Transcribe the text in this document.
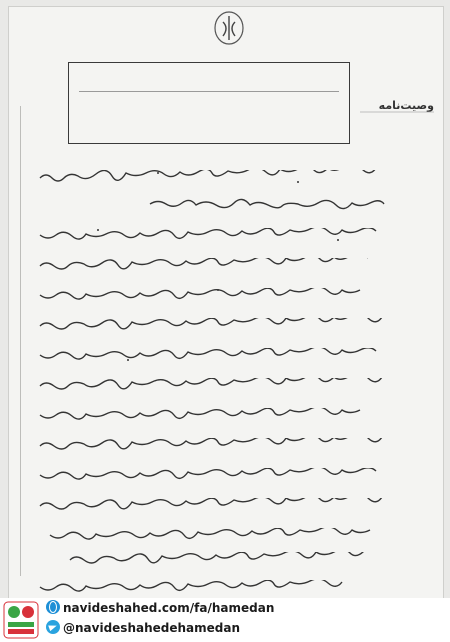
وصيت‌نامه
navideshahed.com/fa/hamedan
@navideshahedehamedan
